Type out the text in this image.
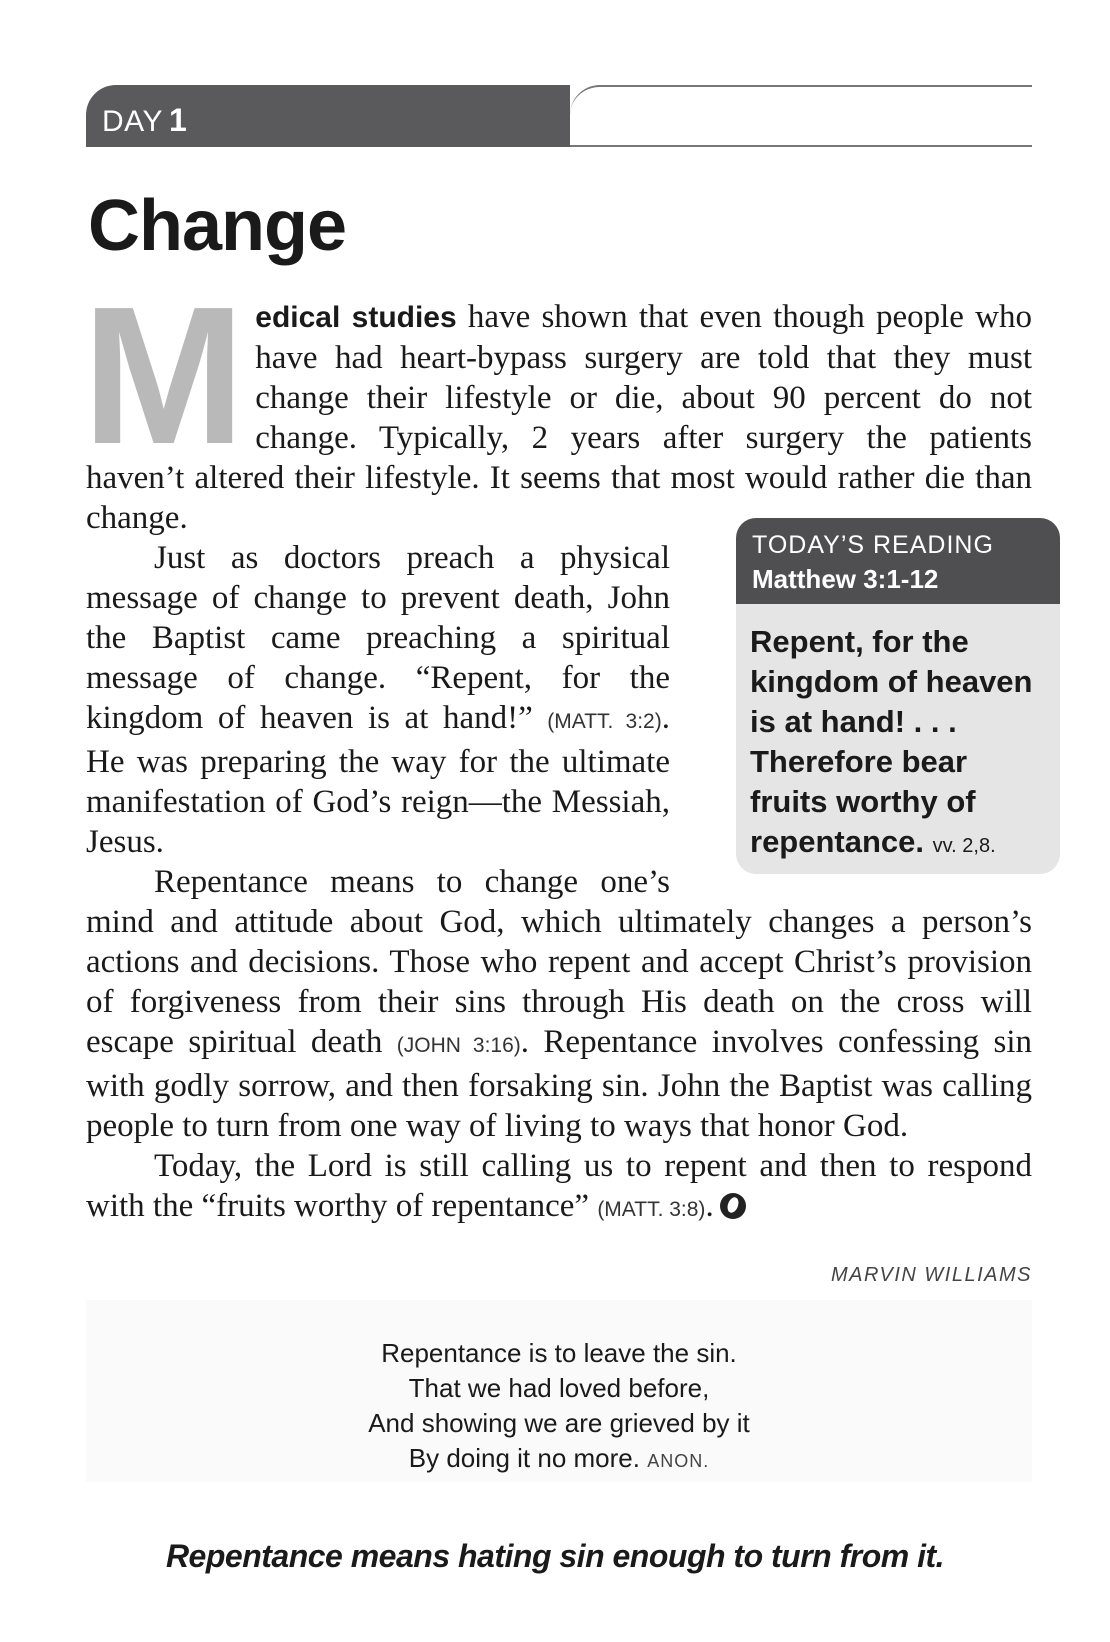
DAY 1
Change

Medical studies have shown that even though people who have had heart-bypass surgery are told that they must change their lifestyle or die, about 90 percent do not change. Typically, 2 years after surgery the patients haven’t altered their lifestyle. It seems that most would rather die than change.

Just as doctors preach a physical message of change to prevent death, John the Baptist came preaching a spiritual message of change. “Repent, for the kingdom of heaven is at hand!” (MATT. 3:2). He was preparing the way for the ultimate manifestation of God’s reign—the Messiah, Jesus.

Repentance means to change one’s mind and attitude about God, which ultimately changes a person’s actions and decisions. Those who repent and accept Christ’s provision of forgiveness from their sins through His death on the cross will escape spiritual death (JOHN 3:16). Repentance involves confessing sin with godly sorrow, and then forsaking sin. John the Baptist was calling people to turn from one way of living to ways that honor God.

Today, the Lord is still calling us to repent and then to respond with the “fruits worthy of repentance” (MATT. 3:8).

TODAY’S READING
Matthew 3:1-12
Repent, for the kingdom of heaven is at hand! . . . Therefore bear fruits worthy of repentance. vv. 2,8.
MARVIN WILLIAMS
Repentance is to leave the sin.
That we had loved before,
And showing we are grieved by it
By doing it no more. ANON.
Repentance means hating sin enough to turn from it.
